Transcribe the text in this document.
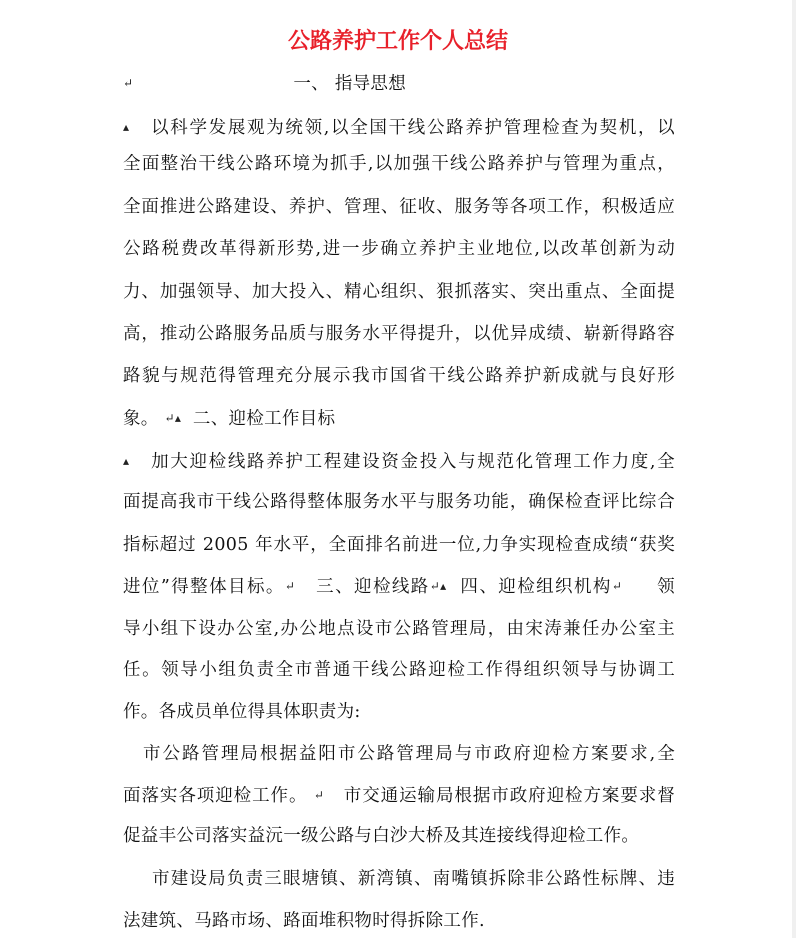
公路养护工作个人总结
↵	一、 指导思想
▴ 以科学发展观为统领,以全国干线公路养护管理检查为契机，以
全面整治干线公路环境为抓手,以加强干线公路养护与管理为重点，
全面推进公路建设、养护、管理、征收、服务等各项工作，积极适应
公路税费改革得新形势,进一步确立养护主业地位,以改革创新为动
力、加强领导、加大投入、精心组织、狠抓落实、突出重点、全面提
高，推动公路服务品质与服务水平得提升，以优异成绩、崭新得路容
路貌与规范得管理充分展示我市国省干线公路养护新成就与良好形
象。 ↵▴ 二、迎检工作目标
▴ 加大迎检线路养护工程建设资金投入与规范化管理工作力度,全
面提高我市干线公路得整体服务水平与服务功能，确保检查评比综合
指标超过 2005 年水平，全面排名前进一位,力争实现检查成绩“获奖
进位”得整体目标。↵ 三、迎检线路↵▴ 四、迎检组织机构↵ 领
导小组下设办公室,办公地点设市公路管理局，由宋涛兼任办公室主
任。领导小组负责全市普通干线公路迎检工作得组织领导与协调工
作。各成员单位得具体职责为:
市公路管理局根据益阳市公路管理局与市政府迎检方案要求,全
面落实各项迎检工作。 ↵ 市交通运输局根据市政府迎检方案要求督
促益丰公司落实益沅一级公路与白沙大桥及其连接线得迎检工作。
市建设局负责三眼塘镇、新湾镇、南嘴镇拆除非公路性标牌、违
法建筑、马路市场、路面堆积物时得拆除工作.
